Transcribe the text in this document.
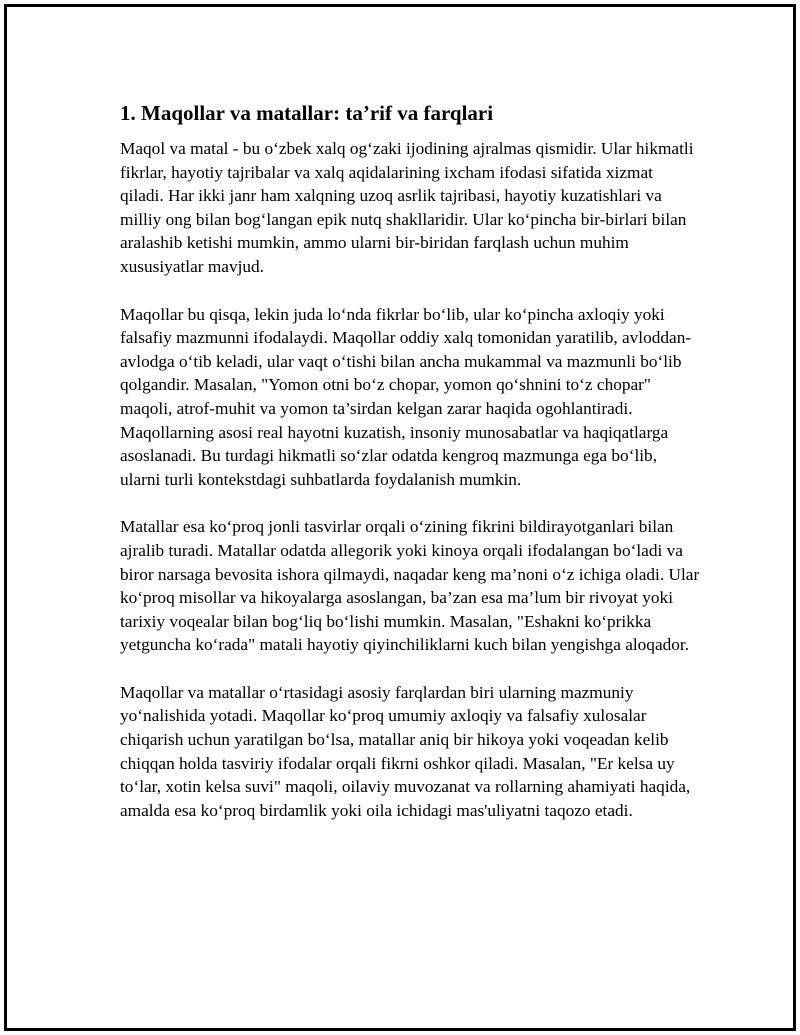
1. Maqollar va matallar: ta’rif va farqlari

Maqol va matal - bu o‘zbek xalq og‘zaki ijodining ajralmas qismidir. Ular hikmatli fikrlar, hayotiy tajribalar va xalq aqidalarining ixcham ifodasi sifatida xizmat qiladi. Har ikki janr ham xalqning uzoq asrlik tajribasi, hayotiy kuzatishlari va milliy ong bilan bog‘langan epik nutq shakllaridir. Ular ko‘pincha bir-birlari bilan aralashib ketishi mumkin, ammo ularni bir-biridan farqlash uchun muhim xususiyatlar mavjud.

Maqollar bu qisqa, lekin juda lo‘nda fikrlar bo‘lib, ular ko‘pincha axloqiy yoki falsafiy mazmunni ifodalaydi. Maqollar oddiy xalq tomonidan yaratilib, avloddan-avlodga o‘tib keladi, ular vaqt o‘tishi bilan ancha mukammal va mazmunli bo‘lib qolgandir. Masalan, "Yomon otni bo‘z chopar, yomon qo‘shnini to‘z chopar" maqoli, atrof-muhit va yomon ta’sirdan kelgan zarar haqida ogohlantiradi. Maqollarning asosi real hayotni kuzatish, insoniy munosabatlar va haqiqatlarga asoslanadi. Bu turdagi hikmatli so‘zlar odatda kengroq mazmunga ega bo‘lib, ularni turli kontekstdagi suhbatlarda foydalanish mumkin.

Matallar esa ko‘proq jonli tasvirlar orqali o‘zining fikrini bildirayotganlari bilan ajralib turadi. Matallar odatda allegorik yoki kinoya orqali ifodalangan bo‘ladi va biror narsaga bevosita ishora qilmaydi, naqadar keng ma’noni o‘z ichiga oladi. Ular ko‘proq misollar va hikoyalarga asoslangan, ba’zan esa ma’lum bir rivoyat yoki tarixiy voqealar bilan bog‘liq bo‘lishi mumkin. Masalan, "Eshakni ko‘prikka yetguncha ko‘rada" matali hayotiy qiyinchiliklarni kuch bilan yengishga aloqador.

Maqollar va matallar o‘rtasidagi asosiy farqlardan biri ularning mazmuniy yo‘nalishida yotadi. Maqollar ko‘proq umumiy axloqiy va falsafiy xulosalar chiqarish uchun yaratilgan bo‘lsa, matallar aniq bir hikoya yoki voqeadan kelib chiqqan holda tasviriy ifodalar orqali fikrni oshkor qiladi. Masalan, "Er kelsa uy to‘lar, xotin kelsa suvi" maqoli, oilaviy muvozanat va rollarning ahamiyati haqida, amalda esa ko‘proq birdamlik yoki oila ichidagi mas'uliyatni taqozo etadi.
